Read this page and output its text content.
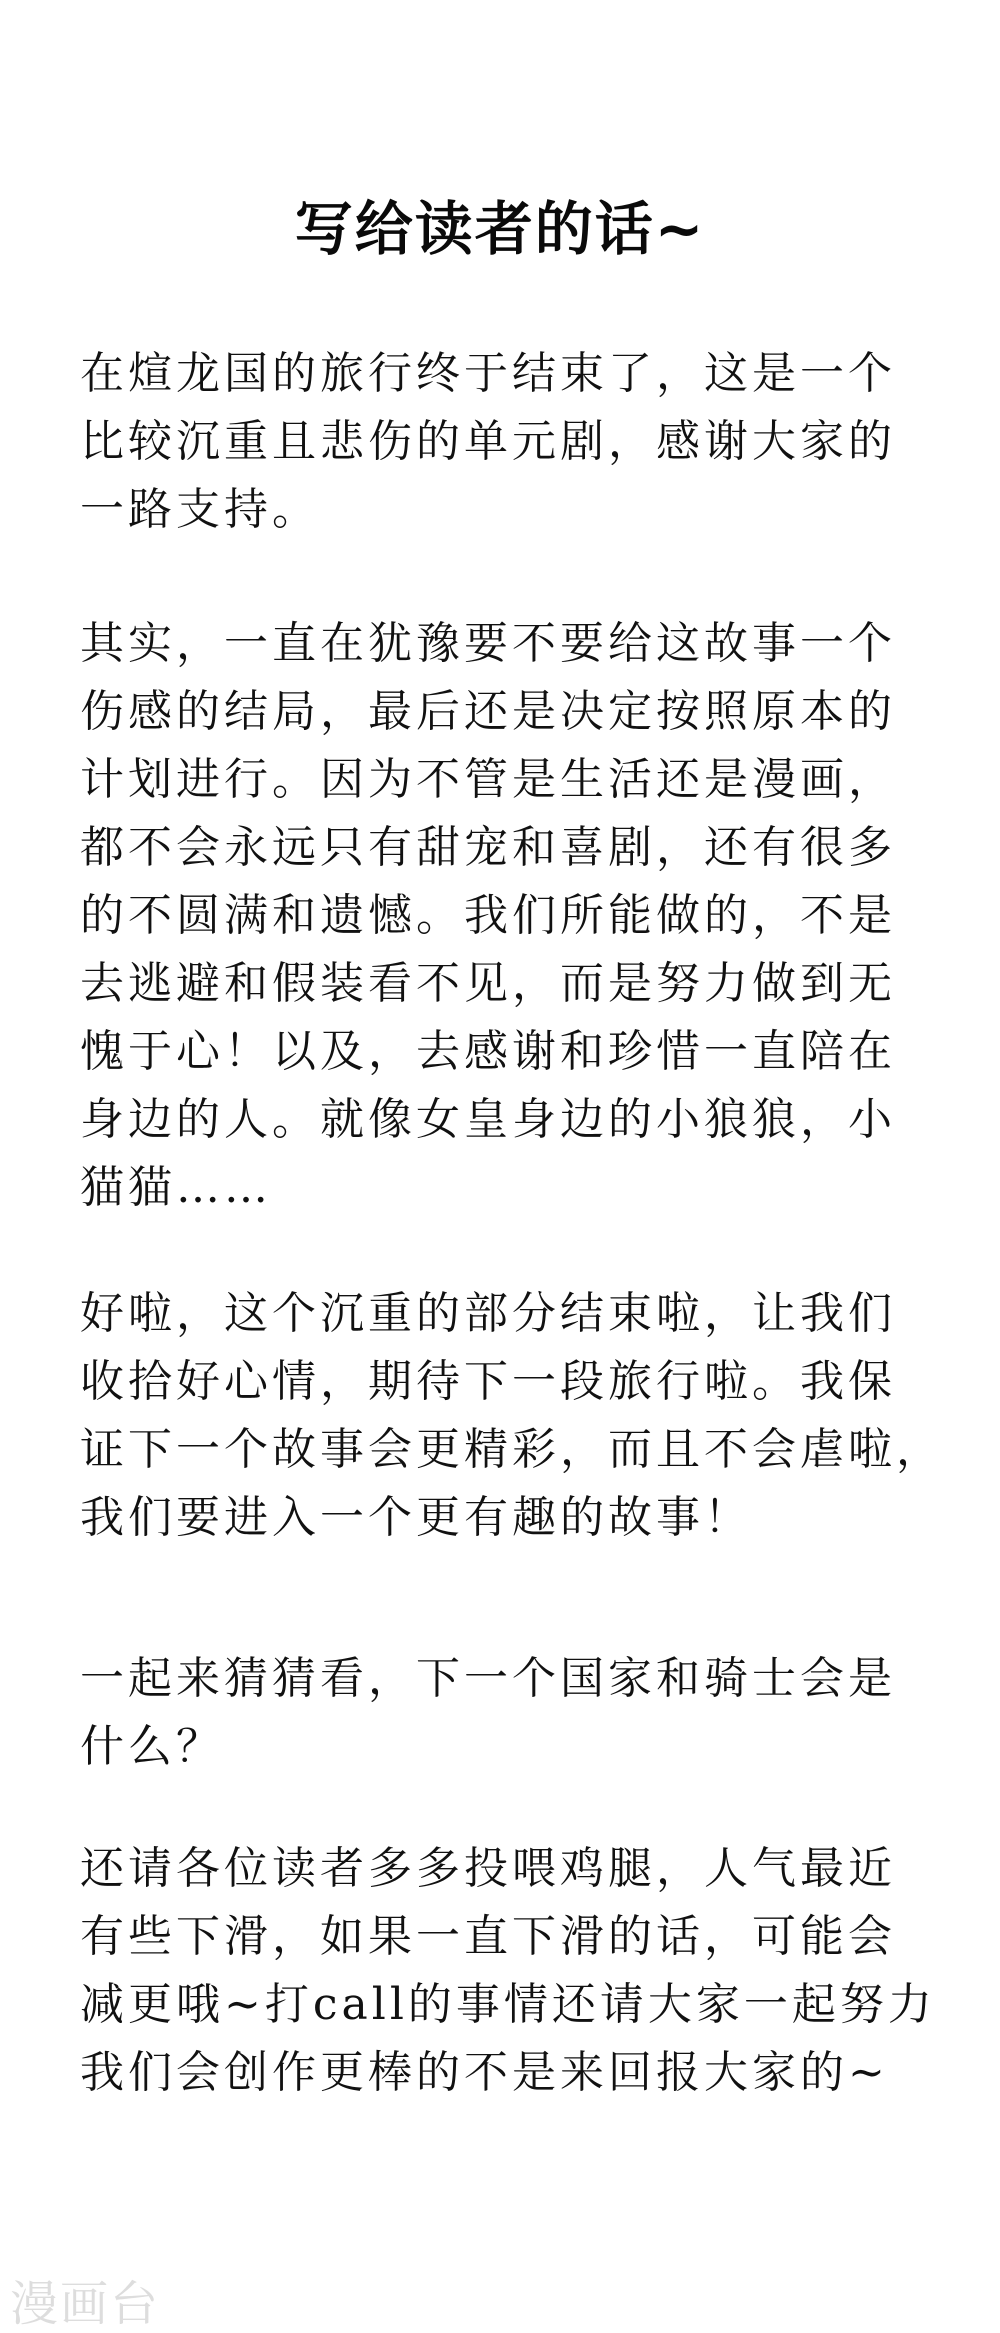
写给读者的话~

在煊龙国的旅行终于结束了，这是一个
比较沉重且悲伤的单元剧，感谢大家的
一路支持。

其实，一直在犹豫要不要给这故事一个
伤感的结局，最后还是决定按照原本的
计划进行。因为不管是生活还是漫画，
都不会永远只有甜宠和喜剧，还有很多
的不圆满和遗憾。我们所能做的，不是
去逃避和假装看不见，而是努力做到无
愧于心！以及，去感谢和珍惜一直陪在
身边的人。就像女皇身边的小狼狼，小
猫猫……

好啦，这个沉重的部分结束啦，让我们
收拾好心情，期待下一段旅行啦。我保
证下一个故事会更精彩，而且不会虐啦，
我们要进入一个更有趣的故事！

一起来猜猜看，下一个国家和骑士会是
什么？

还请各位读者多多投喂鸡腿，人气最近
有些下滑，如果一直下滑的话，可能会
减更哦~打call的事情还请大家一起努力
我们会创作更棒的不是来回报大家的~

漫画台
